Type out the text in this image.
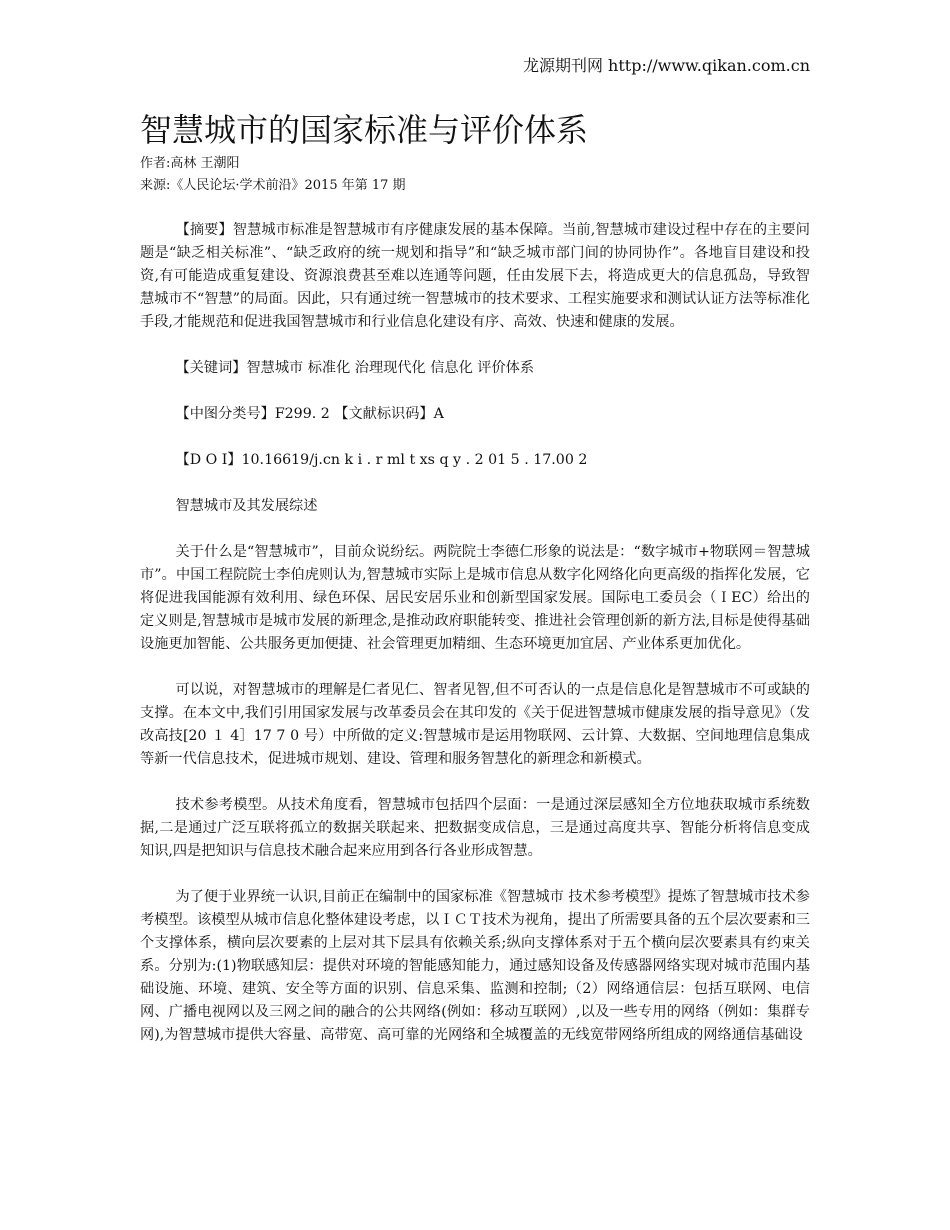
龙源期刊网 http://www.qikan.com.cn
智慧城市的国家标准与评价体系

作者:高林 王潮阳

来源:《人民论坛·学术前沿》2015 年第 17 期

【摘要】智慧城市标准是智慧城市有序健康发展的基本保障。当前,智慧城市建设过程中存在的主要问题是“缺乏相关标准”、“缺乏政府的统一规划和指导”和“缺乏城市部门间的协同协作”。各地盲目建设和投资,有可能造成重复建设、资源浪费甚至难以连通等问题，任由发展下去，将造成更大的信息孤岛，导致智慧城市不“智慧”的局面。因此，只有通过统一智慧城市的技术要求、工程实施要求和测试认证方法等标准化手段,才能规范和促进我国智慧城市和行业信息化建设有序、高效、快速和健康的发展。

【关键词】智慧城市 标准化 治理现代化 信息化 评价体系

【中图分类号】F299. 2 【文献标识码】A

【D O I】10.16619/j.cn k i . r ml t xs q y . 2 01 5 . 17.00 2

智慧城市及其发展综述

关于什么是“智慧城市”，目前众说纷纭。两院院士李德仁形象的说法是：“数字城市+物联网＝智慧城市”。中国工程院院士李伯虎则认为,智慧城市实际上是城市信息从数字化网络化向更高级的指挥化发展，它将促进我国能源有效利用、绿色环保、居民安居乐业和创新型国家发展。国际电工委员会（ＩEC）给出的定义则是,智慧城市是城市发展的新理念,是推动政府职能转变、推进社会管理创新的新方法,目标是使得基础设施更加智能、公共服务更加便捷、社会管理更加精细、生态环境更加宜居、产业体系更加优化。

可以说，对智慧城市的理解是仁者见仁、智者见智,但不可否认的一点是信息化是智慧城市不可或缺的支撑。在本文中,我们引用国家发展与改革委员会在其印发的《关于促进智慧城市健康发展的指导意见》（发改高技[20 １ 4］17 7 0 号）中所做的定义:智慧城市是运用物联网、云计算、大数据、空间地理信息集成等新一代信息技术，促进城市规划、建设、管理和服务智慧化的新理念和新模式。

技术参考模型。从技术角度看，智慧城市包括四个层面：一是通过深层感知全方位地获取城市系统数据,二是通过广泛互联将孤立的数据关联起来、把数据变成信息，三是通过高度共享、智能分析将信息变成知识,四是把知识与信息技术融合起来应用到各行各业形成智慧。

为了便于业界统一认识,目前正在编制中的国家标准《智慧城市 技术参考模型》提炼了智慧城市技术参考模型。该模型从城市信息化整体建设考虑，以ＩＣＴ技术为视角，提出了所需要具备的五个层次要素和三个支撑体系，横向层次要素的上层对其下层具有依赖关系;纵向支撑体系对于五个横向层次要素具有约束关系。分别为:(1)物联感知层：提供对环境的智能感知能力，通过感知设备及传感器网络实现对城市范围内基础设施、环境、建筑、安全等方面的识别、信息采集、监测和控制;（2）网络通信层：包括互联网、电信网、广播电视网以及三网之间的融合的公共网络(例如：移动互联网）,以及一些专用的网络（例如：集群专网),为智慧城市提供大容量、高带宽、高可靠的光网络和全城覆盖的无线宽带网络所组成的网络通信基础设
